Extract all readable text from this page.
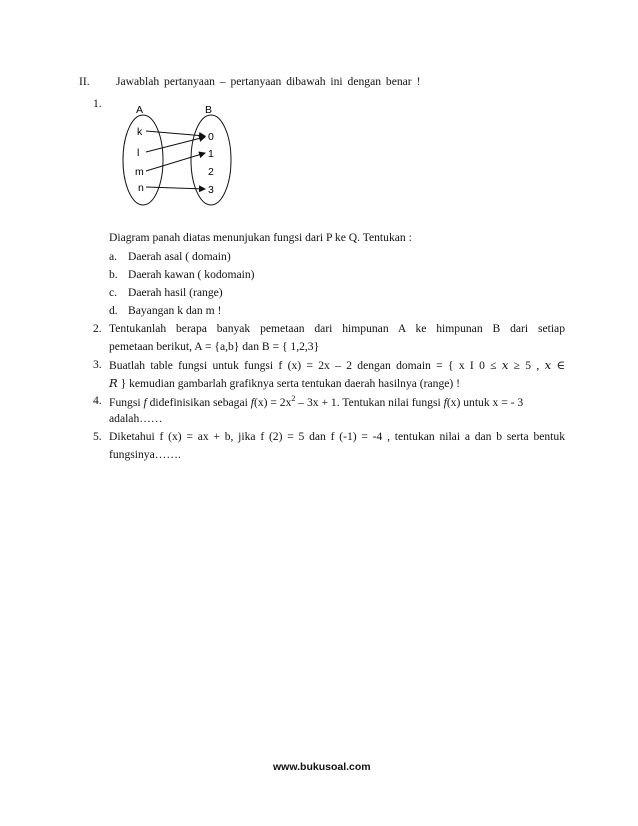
II. Jawablah pertanyaan – pertanyaan dibawah ini dengan benar !
1.	A	B
k
l
m
n
0
1
2
3
Diagram panah diatas menunjukan fungsi dari P ke Q. Tentukan :
a. Daerah asal ( domain)
b. Daerah kawan ( kodomain)
c. Daerah hasil (range)
d. Bayangan k dan m !
2. Tentukanlah berapa banyak pemetaan dari himpunan A ke himpunan B dari setiap
pemetaan berikut, A = {a,b} dan B = { 1,2,3}
3. Buatlah table fungsi untuk fungsi f (x) = 2x – 2 dengan domain = { x I 0 ≤ 𝑥 ≥ 5 , 𝑥 ∈
𝑅 } kemudian gambarlah grafiknya serta tentukan daerah hasilnya (range) !
4. Fungsi f didefinisikan sebagai $f(x) = 2x^2 - 3x + 1$. Tentukan nilai fungsi f(x) untuk x = - 3
adalah……
5. Diketahui f (x) = ax + b, jika f (2) = 5 dan f (-1) = -4 , tentukan nilai a dan b serta bentuk
fungsinya…….
www.bukusoal.com
